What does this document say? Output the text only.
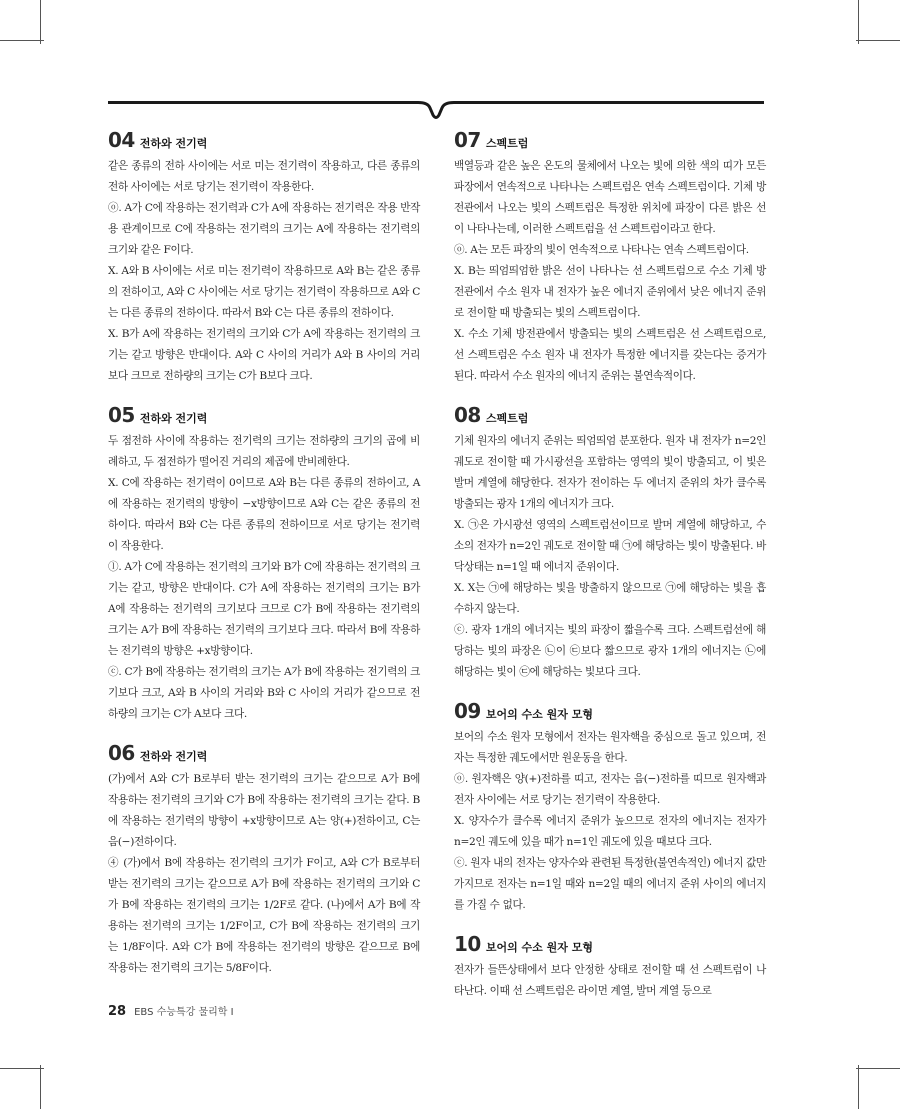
04 전하와 전기력

같은 종류의 전하 사이에는 서로 미는 전기력이 작용하고, 다른 종류의 전하 사이에는 서로 당기는 전기력이 작용한다.

ⓞ. A가 C에 작용하는 전기력과 C가 A에 작용하는 전기력은 작용 반작용 관계이므로 C에 작용하는 전기력의 크기는 A에 작용하는 전기력의 크기와 같은 F이다.

X. A와 B 사이에는 서로 미는 전기력이 작용하므로 A와 B는 같은 종류의 전하이고, A와 C 사이에는 서로 당기는 전기력이 작용하므로 A와 C는 다른 종류의 전하이다. 따라서 B와 C는 다른 종류의 전하이다.

X. B가 A에 작용하는 전기력의 크기와 C가 A에 작용하는 전기력의 크기는 같고 방향은 반대이다. A와 C 사이의 거리가 A와 B 사이의 거리보다 크므로 전하량의 크기는 C가 B보다 크다.

05 전하와 전기력

두 점전하 사이에 작용하는 전기력의 크기는 전하량의 크기의 곱에 비례하고, 두 점전하가 떨어진 거리의 제곱에 반비례한다.

X. C에 작용하는 전기력이 0이므로 A와 B는 다른 종류의 전하이고, A에 작용하는 전기력의 방향이 −x방향이므로 A와 C는 같은 종류의 전하이다. 따라서 B와 C는 다른 종류의 전하이므로 서로 당기는 전기력이 작용한다.

ⓛ. A가 C에 작용하는 전기력의 크기와 B가 C에 작용하는 전기력의 크기는 같고, 방향은 반대이다. C가 A에 작용하는 전기력의 크기는 B가 A에 작용하는 전기력의 크기보다 크므로 C가 B에 작용하는 전기력의 크기는 A가 B에 작용하는 전기력의 크기보다 크다. 따라서 B에 작용하는 전기력의 방향은 +x방향이다.

ⓒ. C가 B에 작용하는 전기력의 크기는 A가 B에 작용하는 전기력의 크기보다 크고, A와 B 사이의 거리와 B와 C 사이의 거리가 같으므로 전하량의 크기는 C가 A보다 크다.

06 전하와 전기력

(가)에서 A와 C가 B로부터 받는 전기력의 크기는 같으므로 A가 B에 작용하는 전기력의 크기와 C가 B에 작용하는 전기력의 크기는 같다. B에 작용하는 전기력의 방향이 +x방향이므로 A는 양(+)전하이고, C는 음(−)전하이다.

④ (가)에서 B에 작용하는 전기력의 크기가 F이고, A와 C가 B로부터 받는 전기력의 크기는 같으므로 A가 B에 작용하는 전기력의 크기와 C가 B에 작용하는 전기력의 크기는 1/2F로 같다. (나)에서 A가 B에 작용하는 전기력의 크기는 1/2F이고, C가 B에 작용하는 전기력의 크기는 1/8F이다. A와 C가 B에 작용하는 전기력의 방향은 같으므로 B에 작용하는 전기력의 크기는 5/8F이다.

07 스펙트럼

백열등과 같은 높은 온도의 물체에서 나오는 빛에 의한 색의 띠가 모든 파장에서 연속적으로 나타나는 스펙트럼은 연속 스펙트럼이다. 기체 방전관에서 나오는 빛의 스펙트럼은 특정한 위치에 파장이 다른 밝은 선이 나타나는데, 이러한 스펙트럼을 선 스펙트럼이라고 한다.

ⓞ. A는 모든 파장의 빛이 연속적으로 나타나는 연속 스펙트럼이다.

X. B는 띄엄띄엄한 밝은 선이 나타나는 선 스펙트럼으로 수소 기체 방전관에서 수소 원자 내 전자가 높은 에너지 준위에서 낮은 에너지 준위로 전이할 때 방출되는 빛의 스펙트럼이다.

X. 수소 기체 방전관에서 방출되는 빛의 스펙트럼은 선 스펙트럼으로, 선 스펙트럼은 수소 원자 내 전자가 특정한 에너지를 갖는다는 증거가 된다. 따라서 수소 원자의 에너지 준위는 불연속적이다.

08 스펙트럼

기체 원자의 에너지 준위는 띄엄띄엄 분포한다. 원자 내 전자가 n=2인 궤도로 전이할 때 가시광선을 포함하는 영역의 빛이 방출되고, 이 빛은 발머 계열에 해당한다. 전자가 전이하는 두 에너지 준위의 차가 클수록 방출되는 광자 1개의 에너지가 크다.

X. ㉠은 가시광선 영역의 스펙트럼선이므로 발머 계열에 해당하고, 수소의 전자가 n=2인 궤도로 전이할 때 ㉠에 해당하는 빛이 방출된다. 바닥상태는 n=1일 때 에너지 준위이다.

X. X는 ㉠에 해당하는 빛을 방출하지 않으므로 ㉠에 해당하는 빛을 흡수하지 않는다.

ⓒ. 광자 1개의 에너지는 빛의 파장이 짧을수록 크다. 스펙트럼선에 해당하는 빛의 파장은 ㉡이 ㉢보다 짧으므로 광자 1개의 에너지는 ㉡에 해당하는 빛이 ㉢에 해당하는 빛보다 크다.

09 보어의 수소 원자 모형

보어의 수소 원자 모형에서 전자는 원자핵을 중심으로 돌고 있으며, 전자는 특정한 궤도에서만 원운동을 한다.

ⓞ. 원자핵은 양(+)전하를 띠고, 전자는 음(−)전하를 띠므로 원자핵과 전자 사이에는 서로 당기는 전기력이 작용한다.

X. 양자수가 클수록 에너지 준위가 높으므로 전자의 에너지는 전자가 n=2인 궤도에 있을 때가 n=1인 궤도에 있을 때보다 크다.

ⓒ. 원자 내의 전자는 양자수와 관련된 특정한(불연속적인) 에너지 값만 가지므로 전자는 n=1일 때와 n=2일 때의 에너지 준위 사이의 에너지를 가질 수 없다.

10 보어의 수소 원자 모형

전자가 들뜬상태에서 보다 안정한 상태로 전이할 때 선 스펙트럼이 나타난다. 이때 선 스펙트럼은 라이먼 계열, 발머 계열 등으로

28 EBS 수능특강 물리학 Ⅰ
